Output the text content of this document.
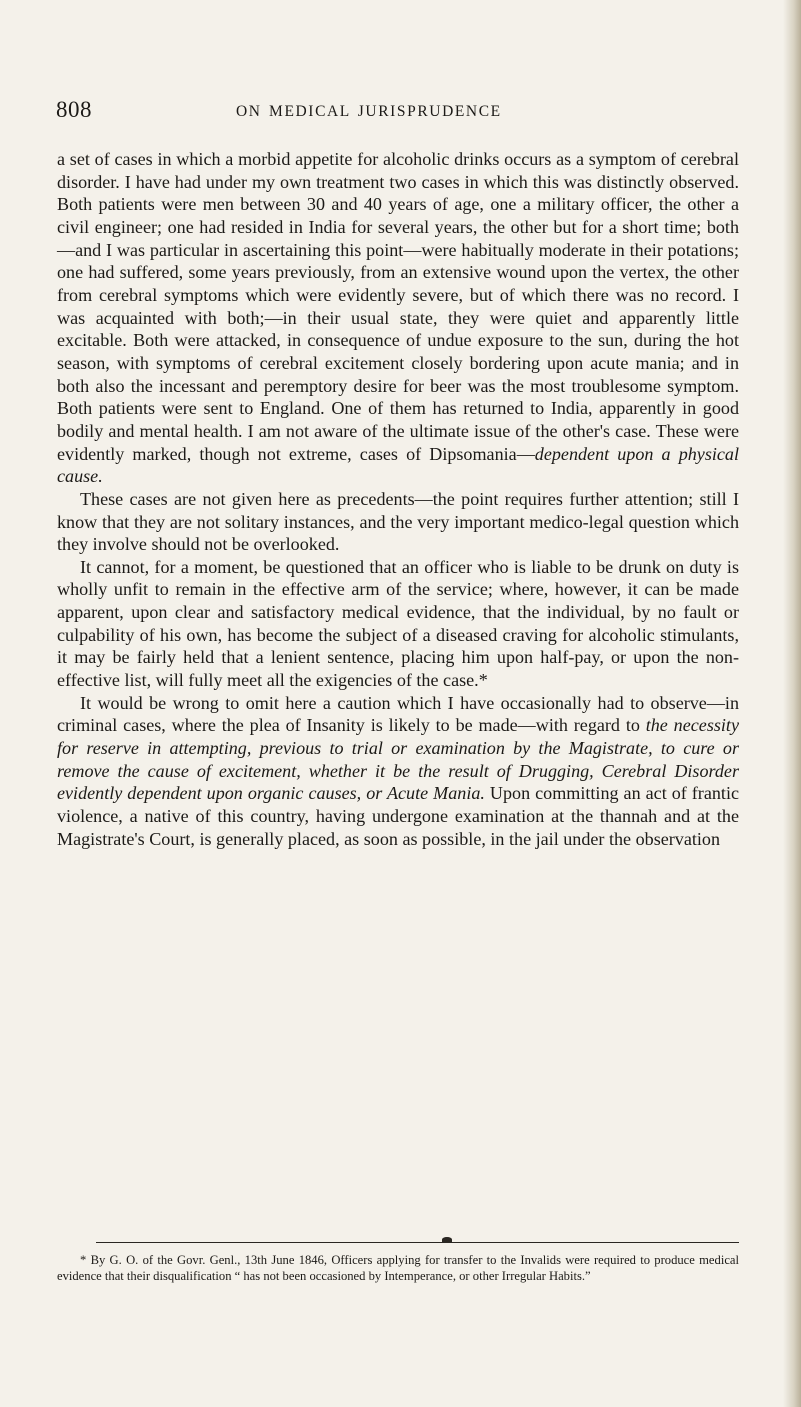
808	ON MEDICAL JURISPRUDENCE

a set of cases in which a morbid appetite for alcoholic drinks occurs as a symptom of cerebral disorder. I have had under my own treatment two cases in which this was distinctly observed. Both patients were men between 30 and 40 years of age, one a military officer, the other a civil engineer; one had resided in India for several years, the other but for a short time; both—and I was particular in ascertaining this point—were habitually moderate in their potations; one had suffered, some years previously, from an extensive wound upon the vertex, the other from cerebral symptoms which were evidently severe, but of which there was no record. I was acquainted with both;—in their usual state, they were quiet and apparently little excitable. Both were attacked, in consequence of undue exposure to the sun, during the hot season, with symptoms of cerebral excitement closely bordering upon acute mania; and in both also the incessant and peremptory desire for beer was the most troublesome symptom. Both patients were sent to England. One of them has returned to India, apparently in good bodily and mental health. I am not aware of the ultimate issue of the other's case. These were evidently marked, though not extreme, cases of Dipsomania—dependent upon a physical cause.

These cases are not given here as precedents—the point requires further attention; still I know that they are not solitary instances, and the very important medico-legal question which they involve should not be overlooked.

It cannot, for a moment, be questioned that an officer who is liable to be drunk on duty is wholly unfit to remain in the effective arm of the service; where, however, it can be made apparent, upon clear and satisfactory medical evidence, that the individual, by no fault or culpability of his own, has become the subject of a diseased craving for alcoholic stimulants, it may be fairly held that a lenient sentence, placing him upon half-pay, or upon the non-effective list, will fully meet all the exigencies of the case.*

It would be wrong to omit here a caution which I have occasionally had to observe—in criminal cases, where the plea of Insanity is likely to be made—with regard to the necessity for reserve in attempting, previous to trial or examination by the Magistrate, to cure or remove the cause of excitement, whether it be the result of Drugging, Cerebral Disorder evidently dependent upon organic causes, or Acute Mania. Upon committing an act of frantic violence, a native of this country, having undergone examination at the thannah and at the Magistrate's Court, is generally placed, as soon as possible, in the jail under the observation

* By G. O. of the Govr. Genl., 13th June 1846, Officers applying for transfer to the Invalids were required to produce medical evidence that their disqualification “ has not been occasioned by Intemperance, or other Irregular Habits.”
